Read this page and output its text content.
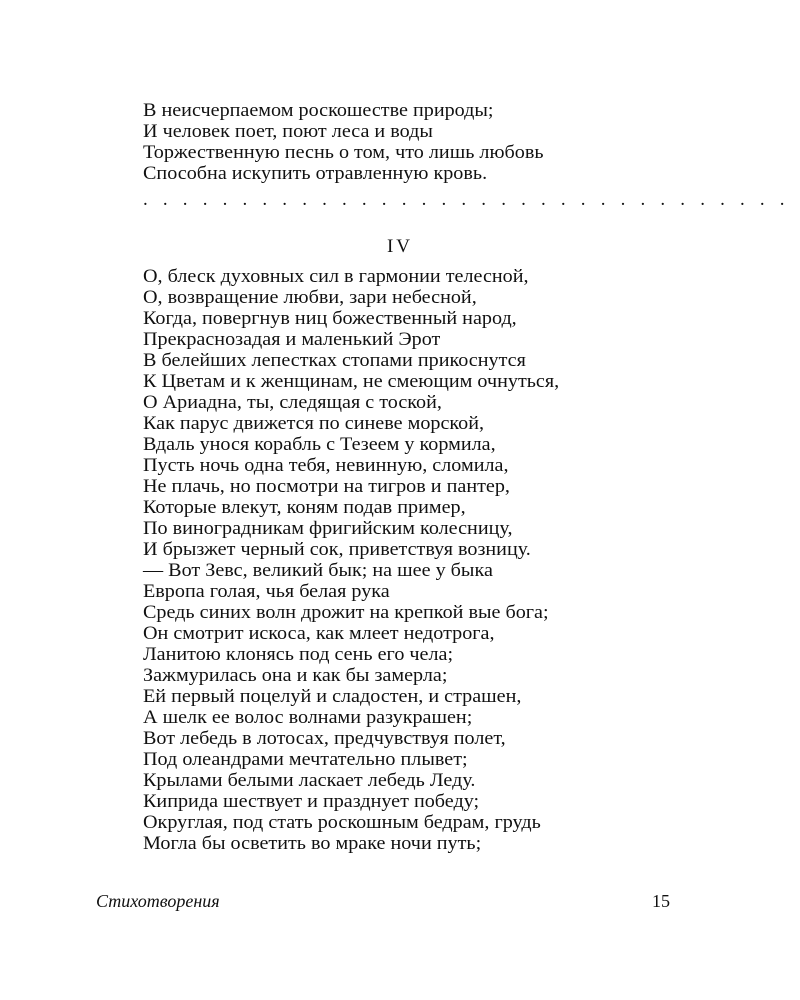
В неисчерпаемом роскошестве природы;
И человек поет, поют леса и воды
Торжественную песнь о том, что лишь любовь
Способна искупить отравленную кровь.
. . . . . . . . . . . . . . . . . . . . . . . . . . . . . . . . .
IV
О, блеск духовных сил в гармонии телесной,
О, возвращение любви, зари небесной,
Когда, повергнув ниц божественный народ,
Прекраснозадая и маленький Эрот
В белейших лепестках стопами прикоснутся
К Цветам и к женщинам, не смеющим очнуться,
О Ариадна, ты, следящая с тоской,
Как парус движется по синеве морской,
Вдаль унося корабль с Тезеем у кормила,
Пусть ночь одна тебя, невинную, сломила,
Не плачь, но посмотри на тигров и пантер,
Которые влекут, коням подав пример,
По виноградникам фригийским колесницу,
И брызжет черный сок, приветствуя возницу.
— Вот Зевс, великий бык; на шее у быка
Европа голая, чья белая рука
Средь синих волн дрожит на крепкой вые бога;
Он смотрит искоса, как млеет недотрога,
Ланитою клонясь под сень его чела;
Зажмурилась она и как бы замерла;
Ей первый поцелуй и сладостен, и страшен,
А шелк ее волос волнами разукрашен;
Вот лебедь в лотосах, предчувствуя полет,
Под олеандрами мечтательно плывет;
Крылами белыми ласкает лебедь Леду.
Киприда шествует и празднует победу;
Округлая, под стать роскошным бедрам, грудь
Могла бы осветить во мраке ночи путь;
Стихотворения	15
